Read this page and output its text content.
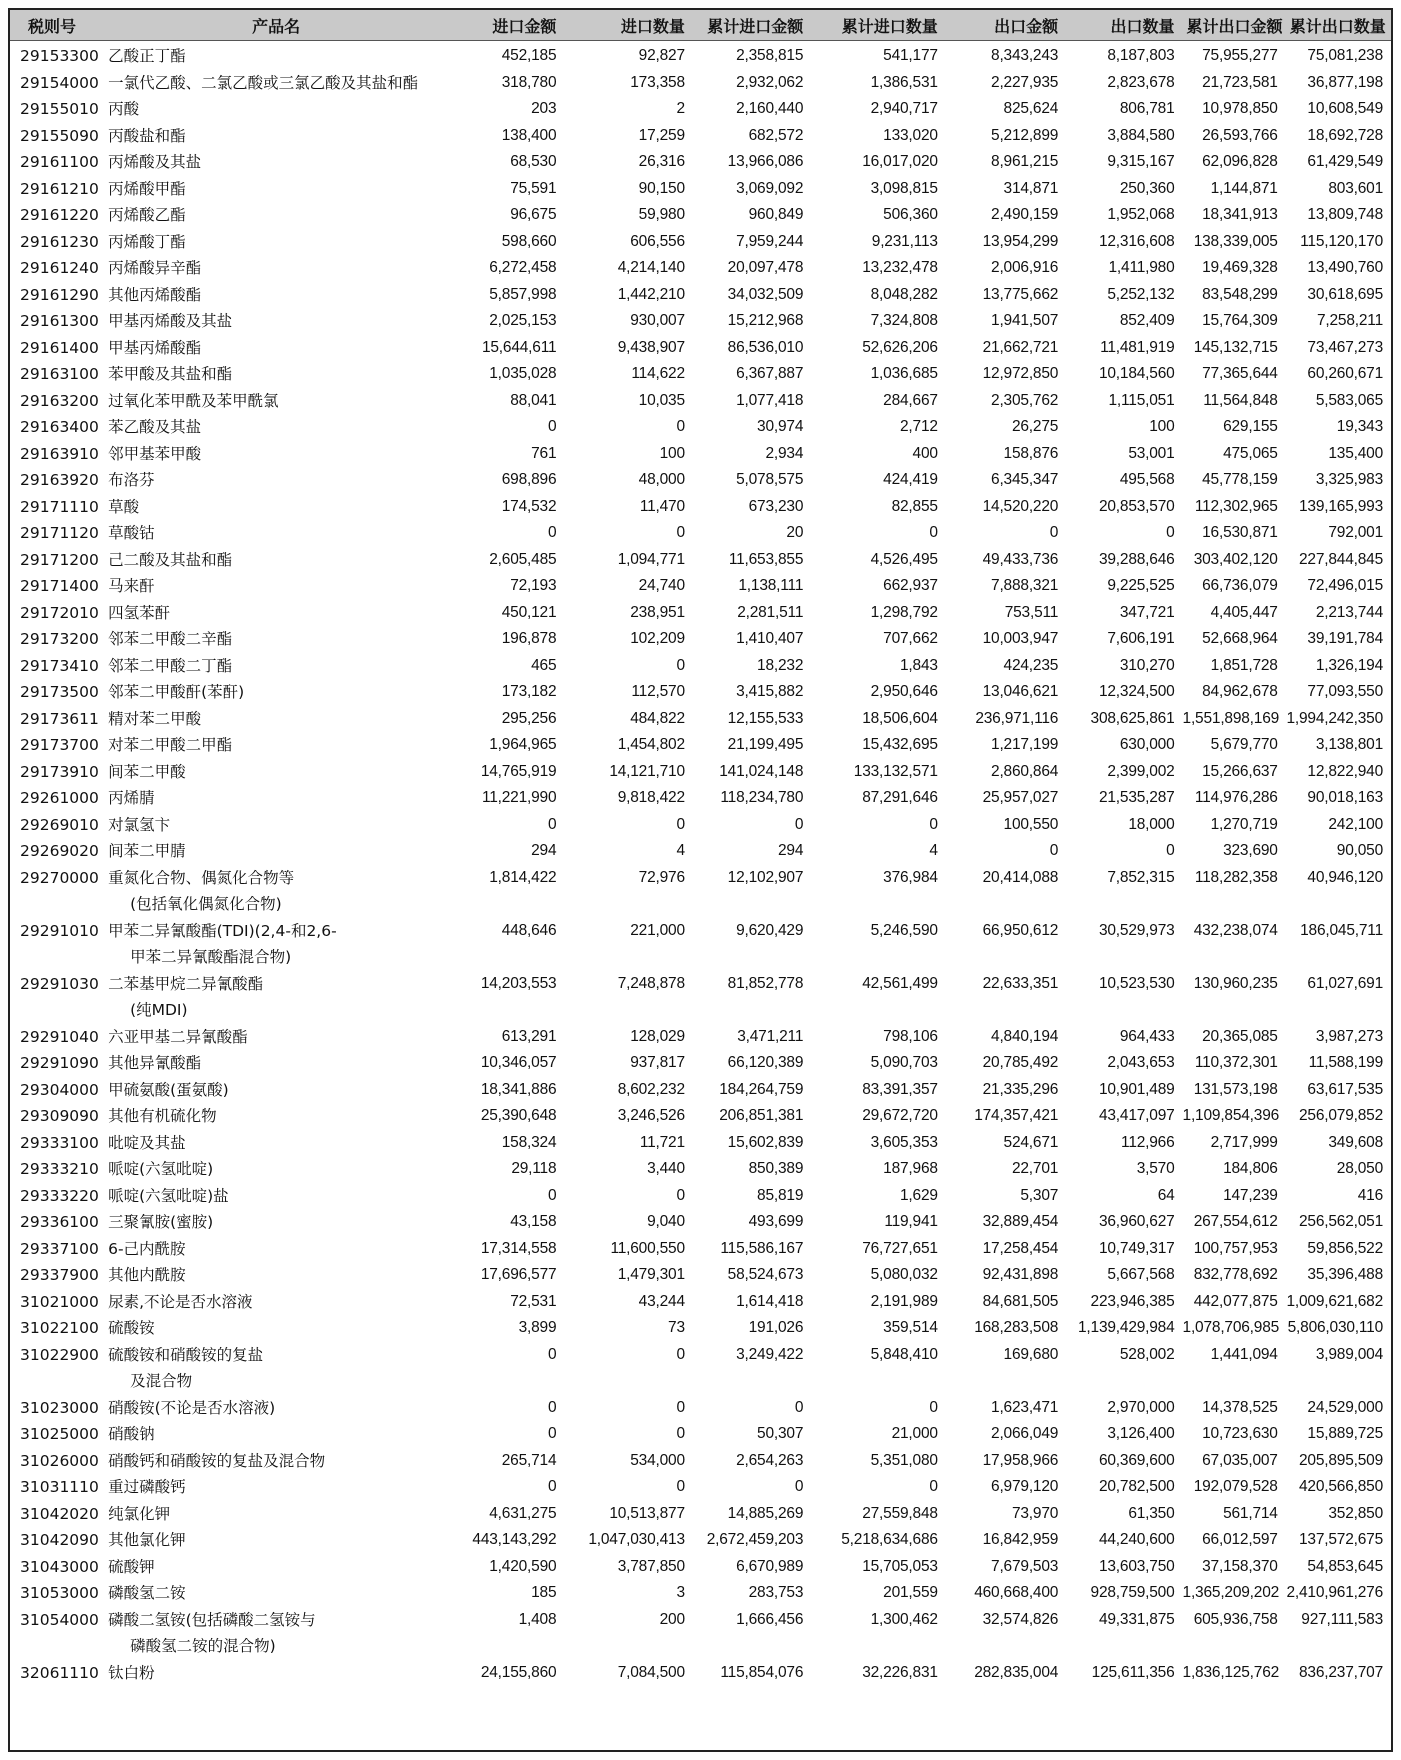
税则号	产品名	进口金额	进口数量	累计进口金额	累计进口数量	出口金额	出口数量	累计出口金额	累计出口数量
29153300	乙酸正丁酯	452,185	92,827	2,358,815	541,177	8,343,243	8,187,803	75,955,277	75,081,238
29154000	一氯代乙酸、二氯乙酸或三氯乙酸及其盐和酯	318,780	173,358	2,932,062	1,386,531	2,227,935	2,823,678	21,723,581	36,877,198
29155010	丙酸	203	2	2,160,440	2,940,717	825,624	806,781	10,978,850	10,608,549
29155090	丙酸盐和酯	138,400	17,259	682,572	133,020	5,212,899	3,884,580	26,593,766	18,692,728
29161100	丙烯酸及其盐	68,530	26,316	13,966,086	16,017,020	8,961,215	9,315,167	62,096,828	61,429,549
29161210	丙烯酸甲酯	75,591	90,150	3,069,092	3,098,815	314,871	250,360	1,144,871	803,601
29161220	丙烯酸乙酯	96,675	59,980	960,849	506,360	2,490,159	1,952,068	18,341,913	13,809,748
29161230	丙烯酸丁酯	598,660	606,556	7,959,244	9,231,113	13,954,299	12,316,608	138,339,005	115,120,170
29161240	丙烯酸异辛酯	6,272,458	4,214,140	20,097,478	13,232,478	2,006,916	1,411,980	19,469,328	13,490,760
29161290	其他丙烯酸酯	5,857,998	1,442,210	34,032,509	8,048,282	13,775,662	5,252,132	83,548,299	30,618,695
29161300	甲基丙烯酸及其盐	2,025,153	930,007	15,212,968	7,324,808	1,941,507	852,409	15,764,309	7,258,211
29161400	甲基丙烯酸酯	15,644,611	9,438,907	86,536,010	52,626,206	21,662,721	11,481,919	145,132,715	73,467,273
29163100	苯甲酸及其盐和酯	1,035,028	114,622	6,367,887	1,036,685	12,972,850	10,184,560	77,365,644	60,260,671
29163200	过氧化苯甲酰及苯甲酰氯	88,041	10,035	1,077,418	284,667	2,305,762	1,115,051	11,564,848	5,583,065
29163400	苯乙酸及其盐	0	0	30,974	2,712	26,275	100	629,155	19,343
29163910	邻甲基苯甲酸	761	100	2,934	400	158,876	53,001	475,065	135,400
29163920	布洛芬	698,896	48,000	5,078,575	424,419	6,345,347	495,568	45,778,159	3,325,983
29171110	草酸	174,532	11,470	673,230	82,855	14,520,220	20,853,570	112,302,965	139,165,993
29171120	草酸钴	0	0	20	0	0	0	16,530,871	792,001
29171200	己二酸及其盐和酯	2,605,485	1,094,771	11,653,855	4,526,495	49,433,736	39,288,646	303,402,120	227,844,845
29171400	马来酐	72,193	24,740	1,138,111	662,937	7,888,321	9,225,525	66,736,079	72,496,015
29172010	四氢苯酐	450,121	238,951	2,281,511	1,298,792	753,511	347,721	4,405,447	2,213,744
29173200	邻苯二甲酸二辛酯	196,878	102,209	1,410,407	707,662	10,003,947	7,606,191	52,668,964	39,191,784
29173410	邻苯二甲酸二丁酯	465	0	18,232	1,843	424,235	310,270	1,851,728	1,326,194
29173500	邻苯二甲酸酐(苯酐)	173,182	112,570	3,415,882	2,950,646	13,046,621	12,324,500	84,962,678	77,093,550
29173611	精对苯二甲酸	295,256	484,822	12,155,533	18,506,604	236,971,116	308,625,861	1,551,898,169	1,994,242,350
29173700	对苯二甲酸二甲酯	1,964,965	1,454,802	21,199,495	15,432,695	1,217,199	630,000	5,679,770	3,138,801
29173910	间苯二甲酸	14,765,919	14,121,710	141,024,148	133,132,571	2,860,864	2,399,002	15,266,637	12,822,940
29261000	丙烯腈	11,221,990	9,818,422	118,234,780	87,291,646	25,957,027	21,535,287	114,976,286	90,018,163
29269010	对氯氢卞	0	0	0	0	100,550	18,000	1,270,719	242,100
29269020	间苯二甲腈	294	4	294	4	0	0	323,690	90,050
29270000	重氮化合物、偶氮化合物等
(包括氧化偶氮化合物)	1,814,422	72,976	12,102,907	376,984	20,414,088	7,852,315	118,282,358	40,946,120
29291010	甲苯二异氰酸酯(TDI)(2,4-和2,6-
甲苯二异氰酸酯混合物)	448,646	221,000	9,620,429	5,246,590	66,950,612	30,529,973	432,238,074	186,045,711
29291030	二苯基甲烷二异氰酸酯
(纯MDI)	14,203,553	7,248,878	81,852,778	42,561,499	22,633,351	10,523,530	130,960,235	61,027,691
29291040	六亚甲基二异氰酸酯	613,291	128,029	3,471,211	798,106	4,840,194	964,433	20,365,085	3,987,273
29291090	其他异氰酸酯	10,346,057	937,817	66,120,389	5,090,703	20,785,492	2,043,653	110,372,301	11,588,199
29304000	甲硫氨酸(蛋氨酸)	18,341,886	8,602,232	184,264,759	83,391,357	21,335,296	10,901,489	131,573,198	63,617,535
29309090	其他有机硫化物	25,390,648	3,246,526	206,851,381	29,672,720	174,357,421	43,417,097	1,109,854,396	256,079,852
29333100	吡啶及其盐	158,324	11,721	15,602,839	3,605,353	524,671	112,966	2,717,999	349,608
29333210	哌啶(六氢吡啶)	29,118	3,440	850,389	187,968	22,701	3,570	184,806	28,050
29333220	哌啶(六氢吡啶)盐	0	0	85,819	1,629	5,307	64	147,239	416
29336100	三聚氰胺(蜜胺)	43,158	9,040	493,699	119,941	32,889,454	36,960,627	267,554,612	256,562,051
29337100	6-己内酰胺	17,314,558	11,600,550	115,586,167	76,727,651	17,258,454	10,749,317	100,757,953	59,856,522
29337900	其他内酰胺	17,696,577	1,479,301	58,524,673	5,080,032	92,431,898	5,667,568	832,778,692	35,396,488
31021000	尿素,不论是否水溶液	72,531	43,244	1,614,418	2,191,989	84,681,505	223,946,385	442,077,875	1,009,621,682
31022100	硫酸铵	3,899	73	191,026	359,514	168,283,508	1,139,429,984	1,078,706,985	5,806,030,110
31022900	硫酸铵和硝酸铵的复盐
及混合物	0	0	3,249,422	5,848,410	169,680	528,002	1,441,094	3,989,004
31023000	硝酸铵(不论是否水溶液)	0	0	0	0	1,623,471	2,970,000	14,378,525	24,529,000
31025000	硝酸钠	0	0	50,307	21,000	2,066,049	3,126,400	10,723,630	15,889,725
31026000	硝酸钙和硝酸铵的复盐及混合物	265,714	534,000	2,654,263	5,351,080	17,958,966	60,369,600	67,035,007	205,895,509
31031110	重过磷酸钙	0	0	0	0	6,979,120	20,782,500	192,079,528	420,566,850
31042020	纯氯化钾	4,631,275	10,513,877	14,885,269	27,559,848	73,970	61,350	561,714	352,850
31042090	其他氯化钾	443,143,292	1,047,030,413	2,672,459,203	5,218,634,686	16,842,959	44,240,600	66,012,597	137,572,675
31043000	硫酸钾	1,420,590	3,787,850	6,670,989	15,705,053	7,679,503	13,603,750	37,158,370	54,853,645
31053000	磷酸氢二铵	185	3	283,753	201,559	460,668,400	928,759,500	1,365,209,202	2,410,961,276
31054000	磷酸二氢铵(包括磷酸二氢铵与
磷酸氢二铵的混合物)	1,408	200	1,666,456	1,300,462	32,574,826	49,331,875	605,936,758	927,111,583
32061110	钛白粉	24,155,860	7,084,500	115,854,076	32,226,831	282,835,004	125,611,356	1,836,125,762	836,237,707
